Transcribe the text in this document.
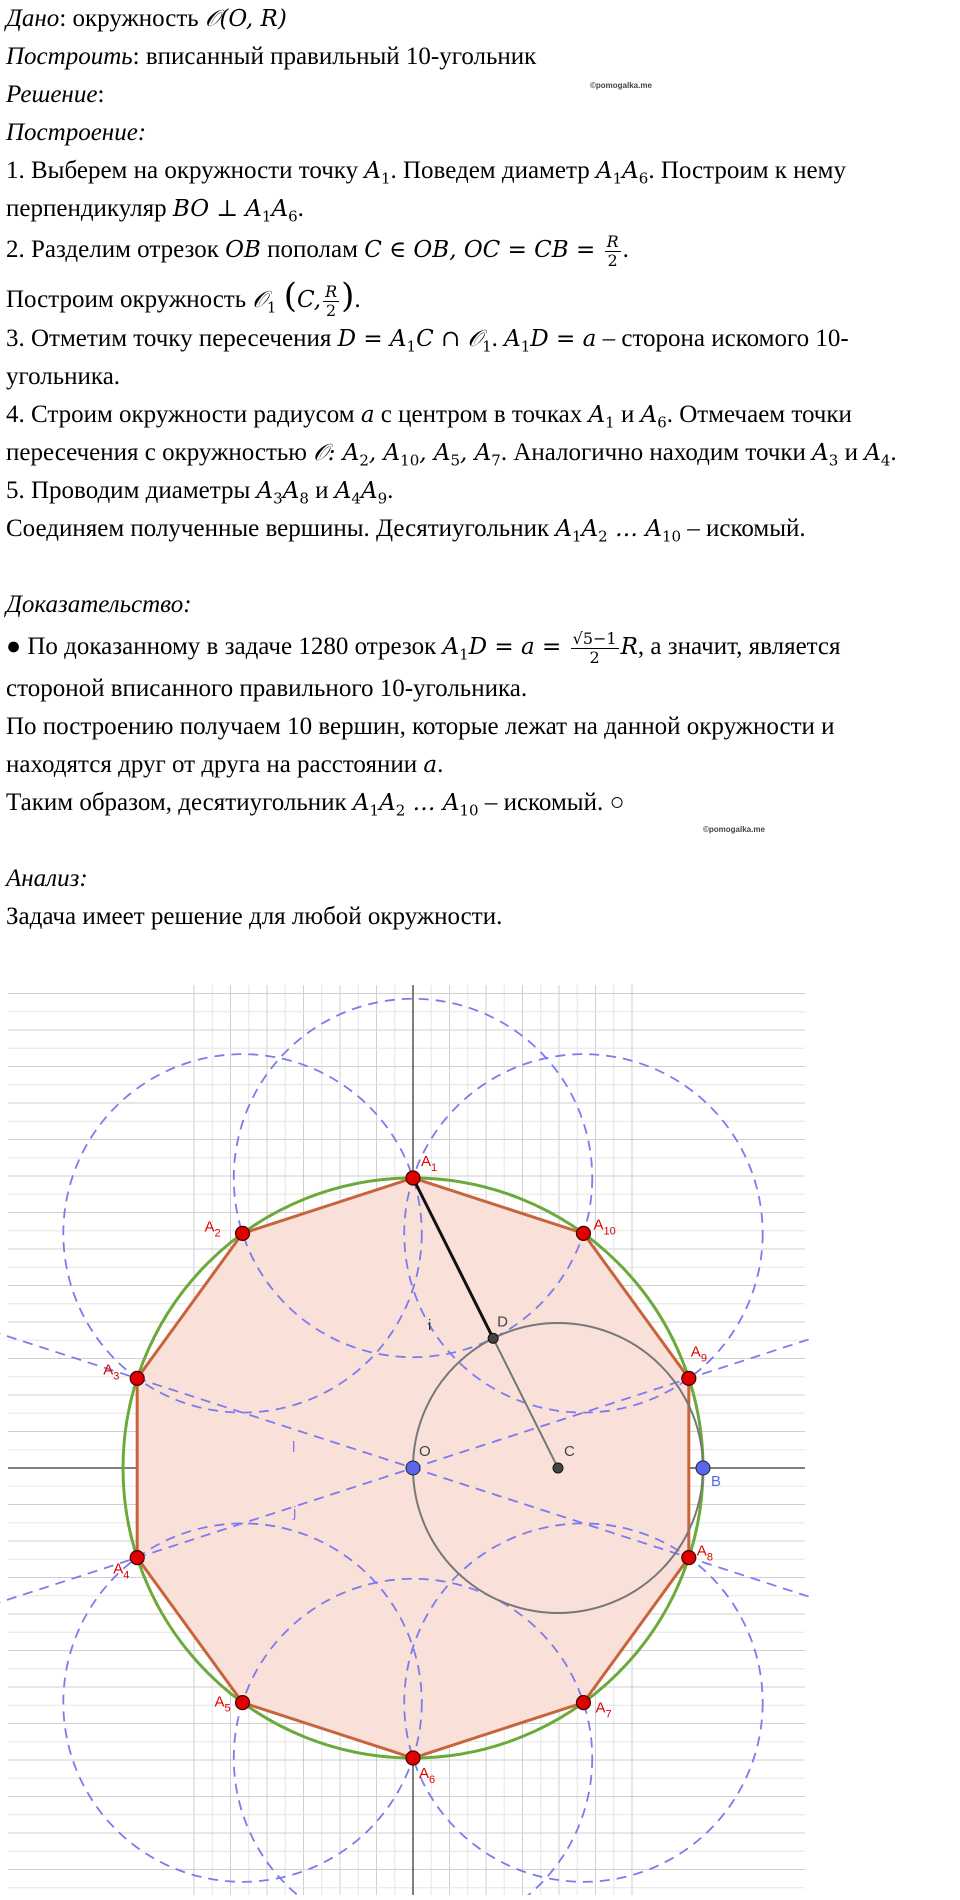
Дано: окружность 𝒪(O, R)
Построить: вписанный правильный 10-угольник
Решение:
Построение:
1. Выберем на окружности точку $A_1$. Поведем диаметр $A_1A_6$. Построим к нему
перпендикуляр BO ⊥ $A_1A_6$.
2. Разделим отрезок OB пополам C ∈ OB, OC = CB = $\frac{R}{2}$ .
Построим окружность 𝒪$_1$ (C, $\frac{R}{2}$ ).
3. Отметим точку пересечения $D = A_1C$ ∩ 𝒪$_1$. $A_1D = a$ – сторона искомого 10-
угольника.
4. Строим окружности радиусом a с центром в точках $A_1$ и $A_6$. Отмечаем точки
пересечения с окружностью 𝒪: $A_2$, $A_{10}$, $A_5$, $A_7$. Аналогично находим точки $A_3$ и $A_4$.
5. Проводим диаметры $A_3A_8$ и $A_4A_9$.
Соединяем полученные вершины. Десятиугольник $A_1A_2$ … $A_{10}$ – искомый.
Доказательство:
● По доказанному в задаче 1280 отрезок $A_1D = a = \frac{√5-1}{2} R$, а значит, является
стороной вписанного правильного 10-угольника.
По построению получаем 10 вершин, которые лежат на данной окружности и
находятся друг от друга на расстоянии a.
Таким образом, десятиугольник $A_1A_2$ … $A_{10}$ – искомый. ○
Анализ:
Задача имеет решение для любой окружности.
©pomogalka.me
©pomogalka.me
$A_1$
$A_2$
$A_3$
$A_4$
$A_5$
$A_6$
$A_7$
$A_8$
$A_9$
$A_{10}$
O
B
C
D
i
l
j
